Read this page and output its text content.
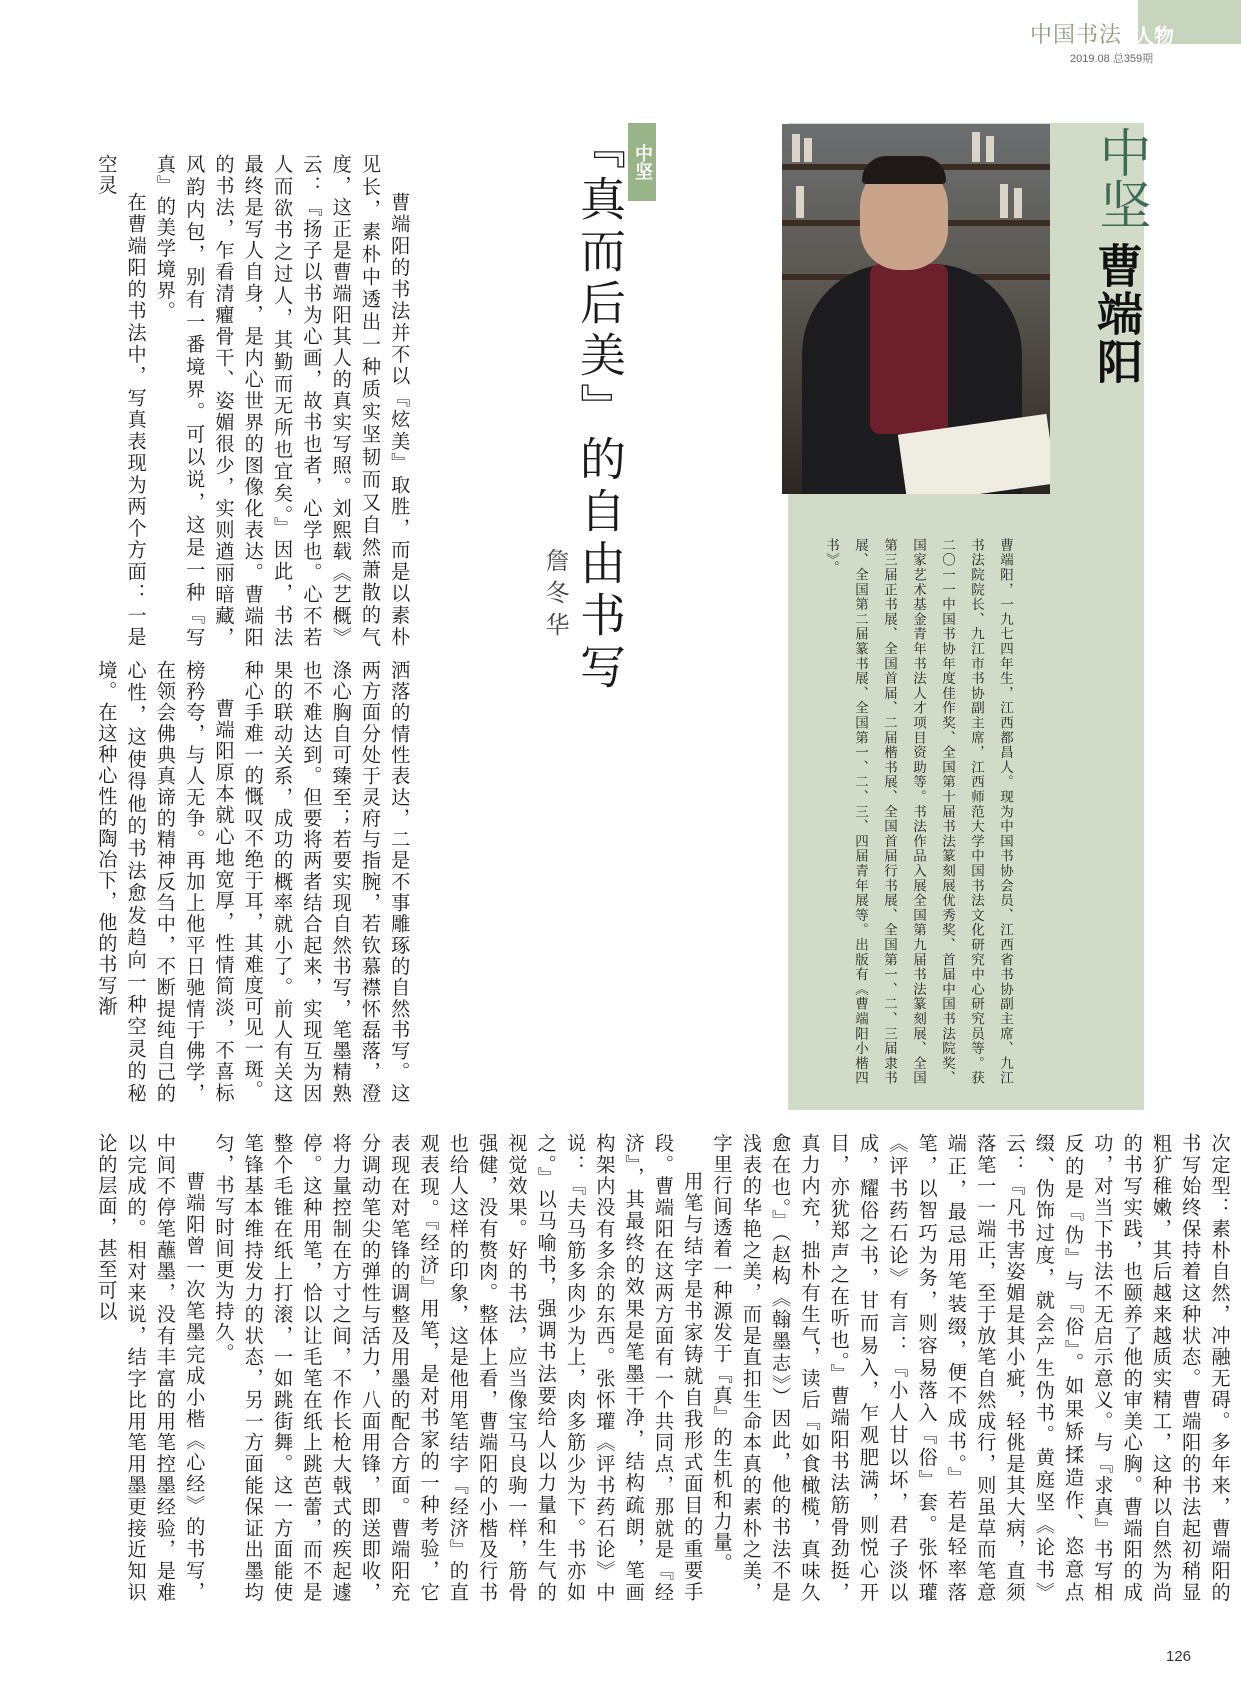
中国书法 人物
2019.08 总359期
中坚
曹端阳
曹端阳，一九七四年生，江西都昌人。现为中国书协会员、江西省书协副主席、九江书法院院长、九江市书协副主席，江西师范大学中国书法文化研究中心研究员等。获二〇一一中国书协年度佳作奖、全国第十届书法篆刻展优秀奖、首届中国书法院奖、国家艺术基金青年书法人才项目资助等。书法作品入展全国第九届书法篆刻展、全国第三届正书展、全国首届、二届楷书展、全国首届行书展、全国第一、二、三届隶书展、全国第二届篆书展、全国第一、二、三、四届青年展等。出版有《曹端阳小楷四书》。
中坚
『真而后美』的自由书写
詹冬华
曹端阳的书法并不以『炫美』取胜，而是以素朴见长，素朴中透出一种质实坚韧而又自然萧散的气度，这正是曹端阳其人的真实写照。刘熙载《艺概》云：『扬子以书为心画，故书也者，心学也。心不若人而欲书之过人，其勤而无所也宜矣。』因此，书法最终是写人自身，是内心世界的图像化表达。曹端阳的书法，乍看清癯骨干、姿媚很少，实则遒丽暗藏，风韵内包，别有一番境界。可以说，这是一种『写真』的美学境界。
在曹端阳的书法中，写真表现为两个方面：一是空灵
洒落的情性表达，二是不事雕琢的自然书写。这两方面分处于灵府与指腕，若钦慕襟怀磊落，澄涤心胸自可臻至；若要实现自然书写，笔墨精熟也不难达到。但要将两者结合起来，实现互为因果的联动关系，成功的概率就小了。前人有关这种心手难一的慨叹不绝于耳，其难度可见一斑。
曹端阳原本就心地宽厚，性情简淡，不喜标榜矜夸，与人无争。再加上他平日驰情于佛学，在领会佛典真谛的精神反刍中，不断提纯自己的心性，这使得他的书法愈发趋向一种空灵的秘境。在这种心性的陶冶下，他的书写渐
次定型：素朴自然，冲融无碍。多年来，曹端阳的书写始终保持着这种状态。曹端阳的书法起初稍显粗犷稚嫩，其后越来越质实精工，这种以自然为尚的书写实践，也颐养了他的审美心胸。曹端阳的成功，对当下书法不无启示意义。与『求真』书写相反的是『伪』与『俗』。如果矫揉造作、恣意点缀、伪饰过度，就会产生伪书。黄庭坚《论书》云：『凡书害姿媚是其小疵，轻佻是其大病，直须落笔一一端正，至于放笔自然成行，则虽草而笔意端正，最忌用笔装缀，便不成书。』若是轻率落笔，以智巧为务，则容易落入『俗』套。张怀瓘《评书药石论》有言：『小人甘以坏，君子淡以成，耀俗之书，甘而易入，乍观肥满，则悦心开目，亦犹郑声之在听也。』曹端阳书法筋骨劲挺，真力内充，拙朴有生气，读后『如食橄榄，真味久愈在也。』（赵构《翰墨志》）因此，他的书法不是浅表的华艳之美，而是直扣生命本真的素朴之美，字里行间透着一种源发于『真』的生机和力量。
用笔与结字是书家铸就自我形式面目的重要手段。曹端阳在这两方面有一个共同点，那就是『经济』，其最终的效果是笔墨干净，结构疏朗，笔画构架内没有多余的东西。张怀瓘《评书药石论》中说：『夫马筋多肉少为上，肉多筋少为下。书亦如之。』以马喻书，强调书法要给人以力量和生气的视觉效果。好的书法，应当像宝马良驹一样，筋骨强健，没有赘肉。整体上看，曹端阳的小楷及行书也给人这样的印象，这是他用笔结字『经济』的直观表现。『经济』用笔，是对书家的一种考验，它表现在对笔锋的调整及用墨的配合方面。曹端阳充分调动笔尖的弹性与活力，八面用锋，即送即收，将力量控制在方寸之间，不作长枪大戟式的疾起遽停。这种用笔，恰以让毛笔在纸上跳芭蕾，而不是整个毛锥在纸上打滚，一如跳街舞。这一方面能使笔锋基本维持发力的状态，另一方面能保证出墨均匀，书写时间更为持久。
曹端阳曾一次笔墨完成小楷《心经》的书写，中间不停笔蘸墨，没有丰富的用笔控墨经验，是难以完成的。相对来说，结字比用笔用墨更接近知识论的层面，甚至可以
126
